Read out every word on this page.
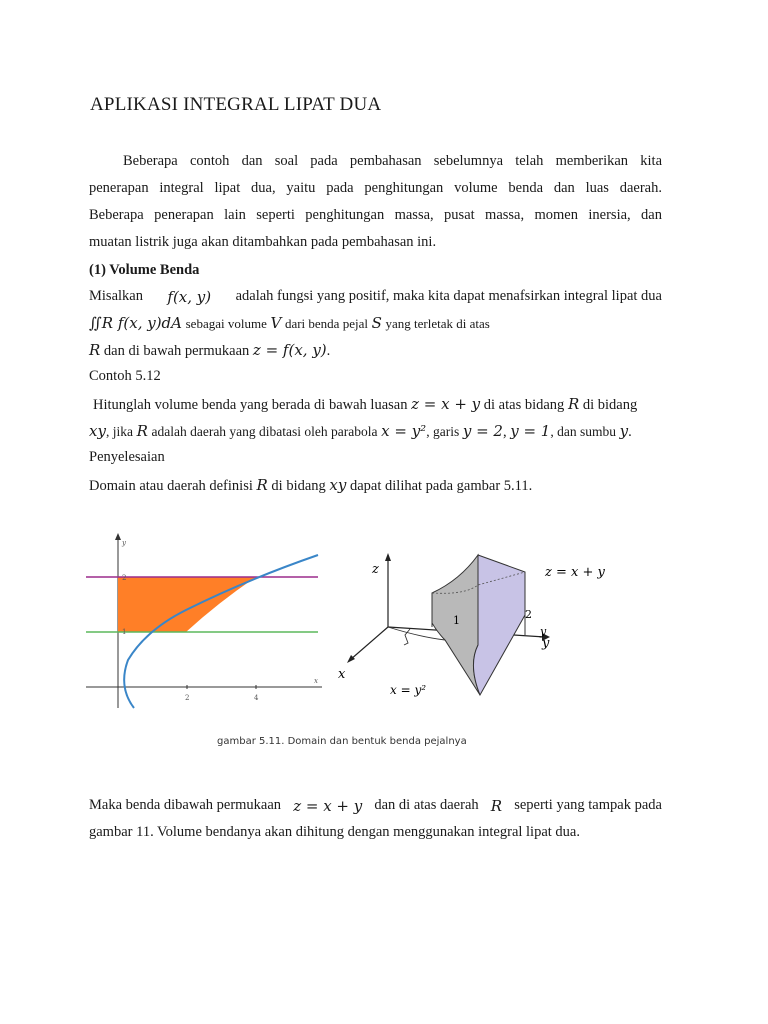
APLIKASI INTEGRAL LIPAT DUA
Beberapa contoh dan soal pada pembahasan sebelumnya telah memberikan kita
penerapan integral lipat dua, yaitu pada penghitungan volume benda dan luas daerah.
Beberapa penerapan lain seperti penghitungan massa, pusat massa, momen inersia, dan
muatan listrik juga akan ditambahkan pada pembahasan ini.
(1) Volume Benda
Misalkan f(x, y) adalah fungsi yang positif, maka kita dapat menafsirkan integral lipat dua
∬R f(x, y)dA sebagai volume V dari benda pejal S yang terletak di atas
R dan di bawah permukaan z = f(x, y).
Contoh 5.12
Hitunglah volume benda yang berada di bawah luasan z = x + y di atas bidang R di bidang
xy, jika R adalah daerah yang dibatasi oleh parabola x = y², garis y = 2, y = 1, dan sumbu y.
Penyelesaian
Domain atau daerah definisi R di bidang xy dapat dilihat pada gambar 5.11.
2	4
1
2
x
y
z
y
y
x
z = x + y
1	2
x = y²
gambar 5.11. Domain dan bentuk benda pejalnya
Maka benda dibawah permukaan z = x + y dan di atas daerah R seperti yang tampak pada
gambar 11. Volume bendanya akan dihitung dengan menggunakan integral lipat dua.
